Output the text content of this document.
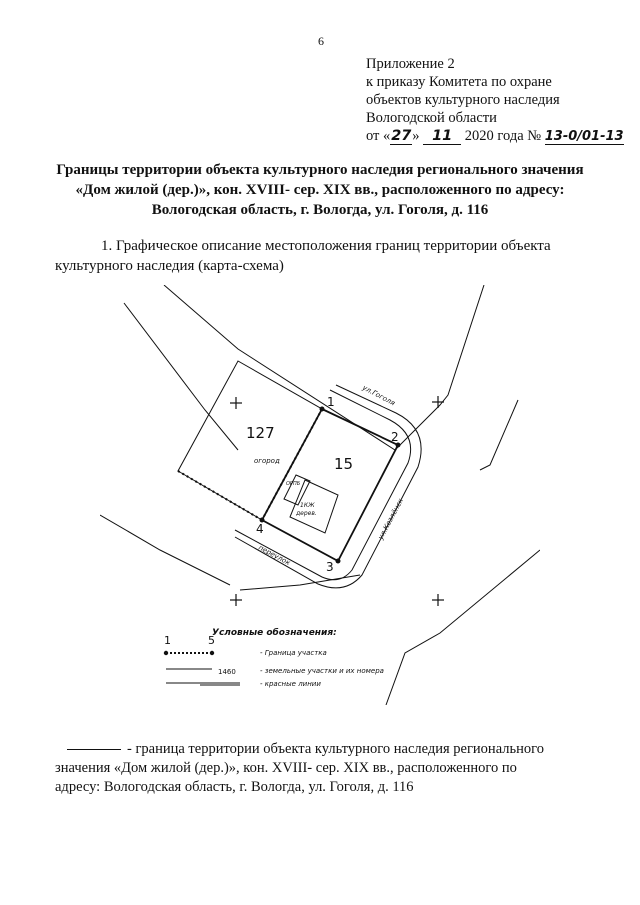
6
Приложение 2
к приказу Комитета по охране
объектов культурного наследия
Вологодской области
от «27» 11 2020 года № 13-0/01-13
Границы территории объекта культурного наследия регионального значения
«Дом жилой (дер.)», кон. XVIII- сер. XIX вв., расположенного по адресу:
Вологодская область, г. Вологда, ул. Гоголя, д. 116
1. Графическое описание местоположения границ территории объекта
культурного наследия (карта-схема)
1
2
3
4
127
15
1	5
ул.Гоголя
ул.Козлёнск
переулок
огород
1КЖ
дерев.
ОРПБ
Условные обозначения:
- Граница участка
1460	- земельные участки и их номера
- красные линии
- граница территории объекта культурного наследия регионального
значения «Дом жилой (дер.)», кон. XVIII- сер. XIX вв., расположенного по
адресу: Вологодская область, г. Вологда, ул. Гоголя, д. 116
